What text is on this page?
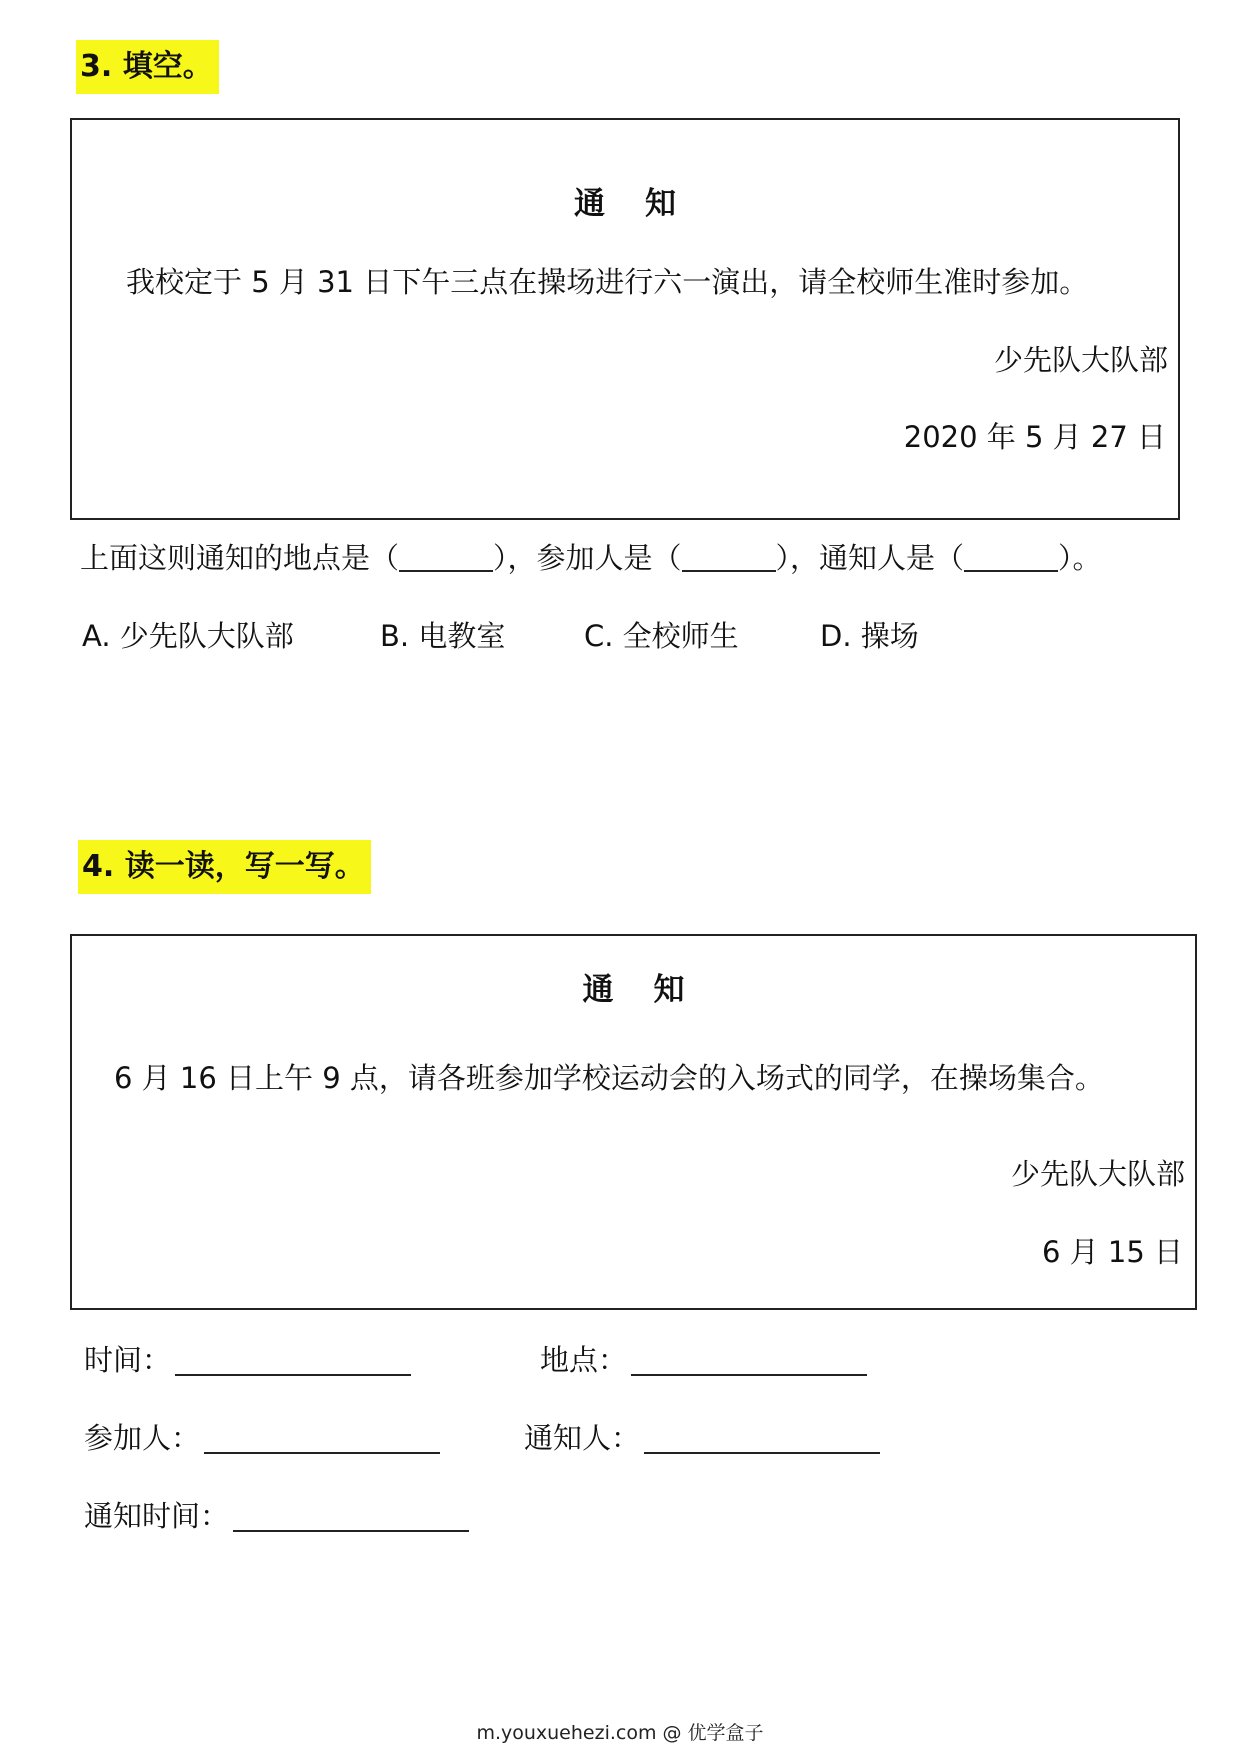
3. 填空。
通知
我校定于 5 月 31 日下午三点在操场进行六一演出，请全校师生准时参加。
少先队大队部
2020 年 5 月 27 日
上面这则通知的地点是（	），参加人是（	），通知人是（	）。
A. 少先队大队部	B. 电教室	C. 全校师生	D. 操场
4. 读一读，写一写。
通知
6 月 16 日上午 9 点，请各班参加学校运动会的入场式的同学，在操场集合。
少先队大队部
6 月 15 日
时间：	地点：
参加人：	通知人：
通知时间：
m.youxuehezi.com @ 优学盒子
